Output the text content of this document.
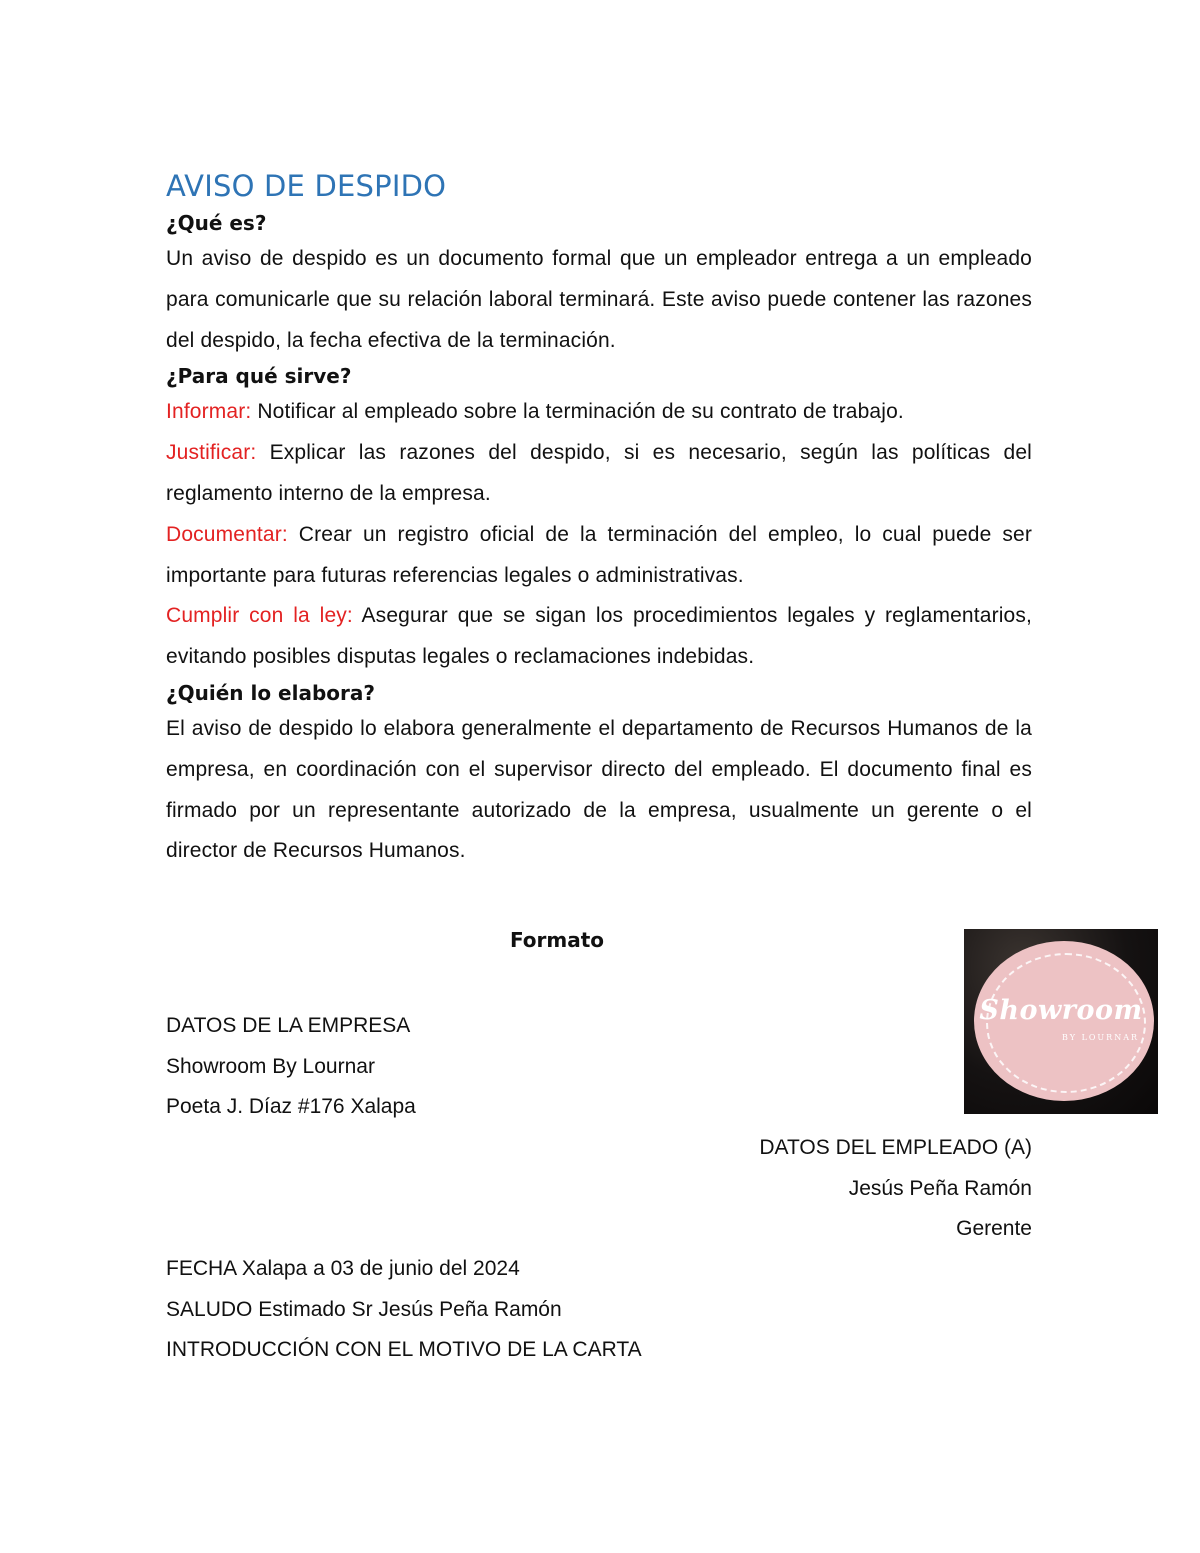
AVISO DE DESPIDO

¿Qué es?

Un aviso de despido es un documento formal que un empleador entrega a un empleado para comunicarle que su relación laboral terminará. Este aviso puede contener las razones del despido, la fecha efectiva de la terminación.

¿Para qué sirve?

Informar: Notificar al empleado sobre la terminación de su contrato de trabajo.

Justificar: Explicar las razones del despido, si es necesario, según las políticas del reglamento interno de la empresa.

Documentar: Crear un registro oficial de la terminación del empleo, lo cual puede ser importante para futuras referencias legales o administrativas.

Cumplir con la ley: Asegurar que se sigan los procedimientos legales y reglamentarios, evitando posibles disputas legales o reclamaciones indebidas.

¿Quién lo elabora?

El aviso de despido lo elabora generalmente el departamento de Recursos Humanos de la empresa, en coordinación con el supervisor directo del empleado. El documento final es firmado por un representante autorizado de la empresa, usualmente un gerente o el director de Recursos Humanos.

Formato
Showroom
BY LOURNAR
DATOS DE LA EMPRESA
Showroom By Lournar
Poeta J. Díaz #176 Xalapa
DATOS DEL EMPLEADO (A)
Jesús Peña Ramón
Gerente
FECHA Xalapa a 03 de junio del 2024
SALUDO Estimado Sr Jesús Peña Ramón
INTRODUCCIÓN CON EL MOTIVO DE LA CARTA
